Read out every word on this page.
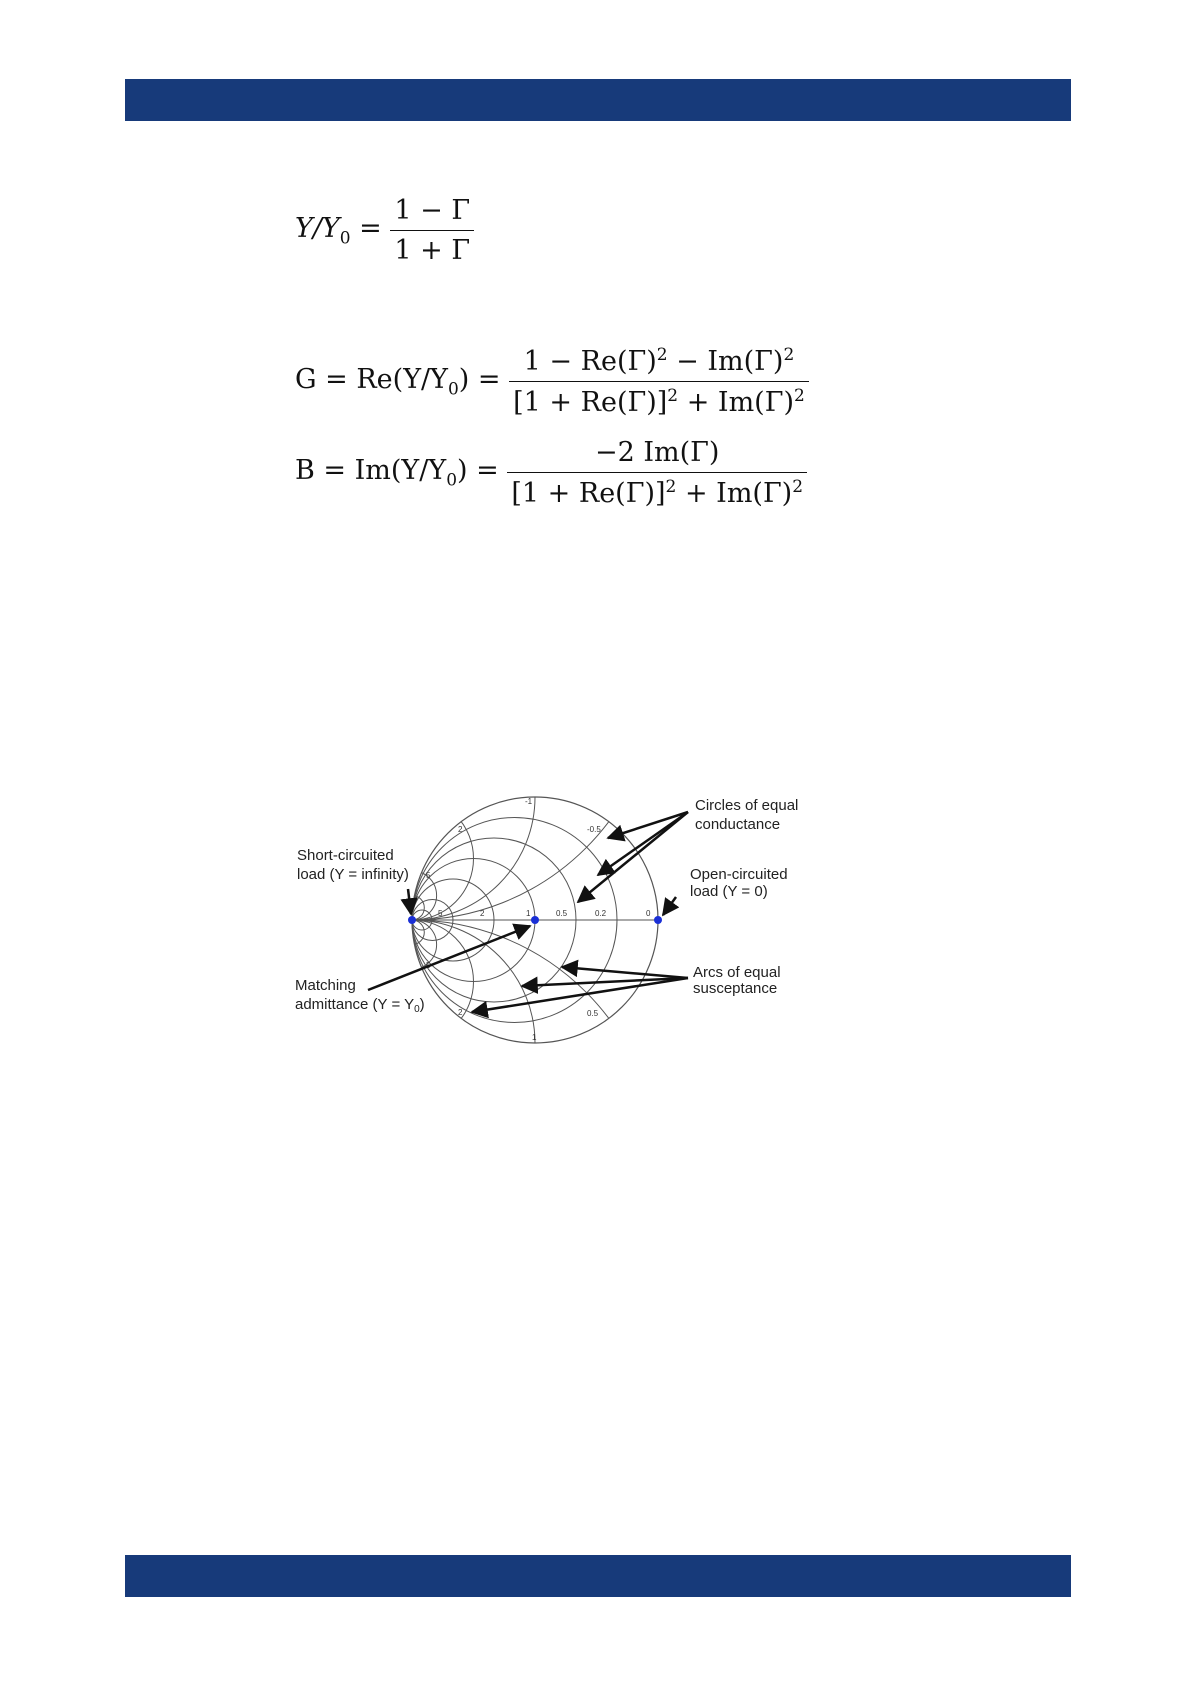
$Y/Y_0 = \frac{1 - \Gamma}{1 + \Gamma}$
$G = Re(Y/Y_0) = \frac{1 - Re(\Gamma)^2 - Im(\Gamma)^2}{[1 + Re(\Gamma)]^2 + Im(\Gamma)^2}$
$B = Im(Y/Y_0) = \frac{-2 Im(\Gamma)}{[1 + Re(\Gamma)]^2 + Im(\Gamma)^2}$
-1
-0.5
2
5
5	2	1	0.5	0.2	0
5
2	0.5
1
Circles of equal
conductance
Short-circuited
load (Y = infinity)	Open-circuited
load (Y = 0)
Matching
admittance $(Y = Y_0)$
Arcs of equal
susceptance
